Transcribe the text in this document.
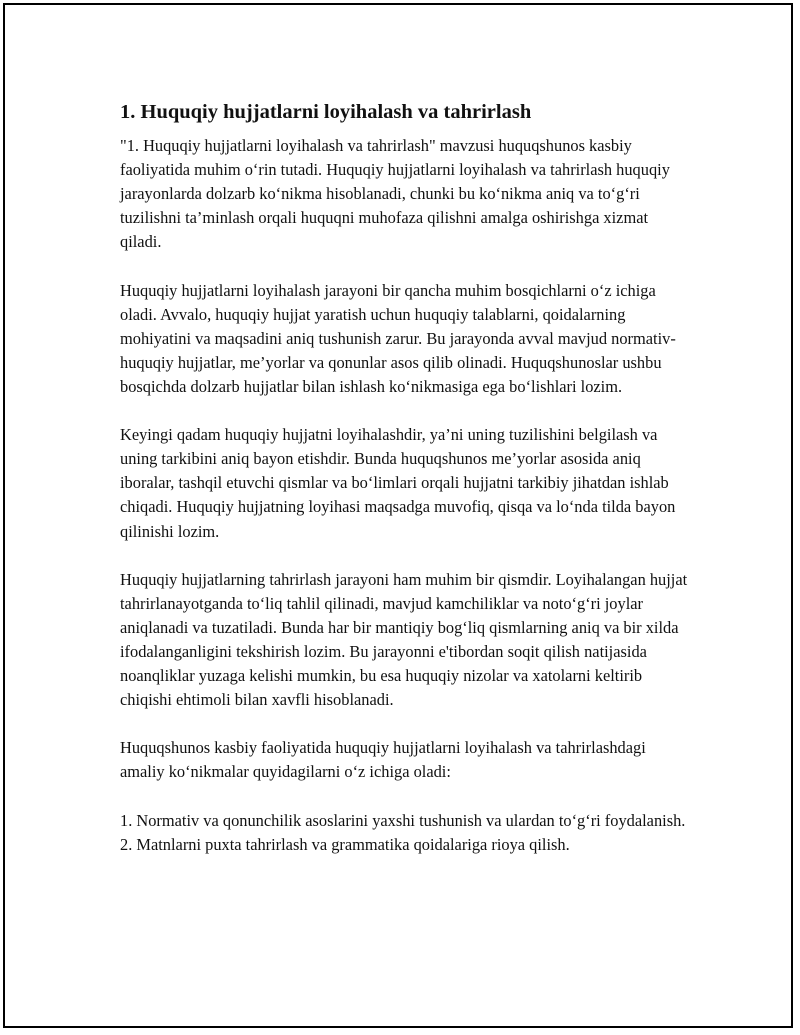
1. Huquqiy hujjatlarni loyihalash va tahrirlash

"1. Huquqiy hujjatlarni loyihalash va tahrirlash" mavzusi huquqshunos kasbiy faoliyatida muhim o‘rin tutadi. Huquqiy hujjatlarni loyihalash va tahrirlash huquqiy jarayonlarda dolzarb ko‘nikma hisoblanadi, chunki bu ko‘nikma aniq va to‘g‘ri tuzilishni ta’minlash orqali huquqni muhofaza qilishni amalga oshirishga xizmat qiladi.

Huquqiy hujjatlarni loyihalash jarayoni bir qancha muhim bosqichlarni o‘z ichiga oladi. Avvalo, huquqiy hujjat yaratish uchun huquqiy talablarni, qoidalarning mohiyatini va maqsadini aniq tushunish zarur. Bu jarayonda avval mavjud normativ-huquqiy hujjatlar, me’yorlar va qonunlar asos qilib olinadi. Huquqshunoslar ushbu bosqichda dolzarb hujjatlar bilan ishlash ko‘nikmasiga ega bo‘lishlari lozim.

Keyingi qadam huquqiy hujjatni loyihalashdir, ya’ni uning tuzilishini belgilash va uning tarkibini aniq bayon etishdir. Bunda huquqshunos me’yorlar asosida aniq iboralar, tashqil etuvchi qismlar va bo‘limlari orqali hujjatni tarkibiy jihatdan ishlab chiqadi. Huquqiy hujjatning loyihasi maqsadga muvofiq, qisqa va lo‘nda tilda bayon qilinishi lozim.

Huquqiy hujjatlarning tahrirlash jarayoni ham muhim bir qismdir. Loyihalangan hujjat tahrirlanayotganda to‘liq tahlil qilinadi, mavjud kamchiliklar va noto‘g‘ri joylar aniqlanadi va tuzatiladi. Bunda har bir mantiqiy bog‘liq qismlarning aniq va bir xilda ifodalanganligini tekshirish lozim. Bu jarayonni e'tibordan soqit qilish natijasida noanqliklar yuzaga kelishi mumkin, bu esa huquqiy nizolar va xatolarni keltirib chiqishi ehtimoli bilan xavfli hisoblanadi.

Huquqshunos kasbiy faoliyatida huquqiy hujjatlarni loyihalash va tahrirlashdagi amaliy ko‘nikmalar quyidagilarni o‘z ichiga oladi:

1. Normativ va qonunchilik asoslarini yaxshi tushunish va ulardan to‘g‘ri foydalanish.
2. Matnlarni puxta tahrirlash va grammatika qoidalariga rioya qilish.
